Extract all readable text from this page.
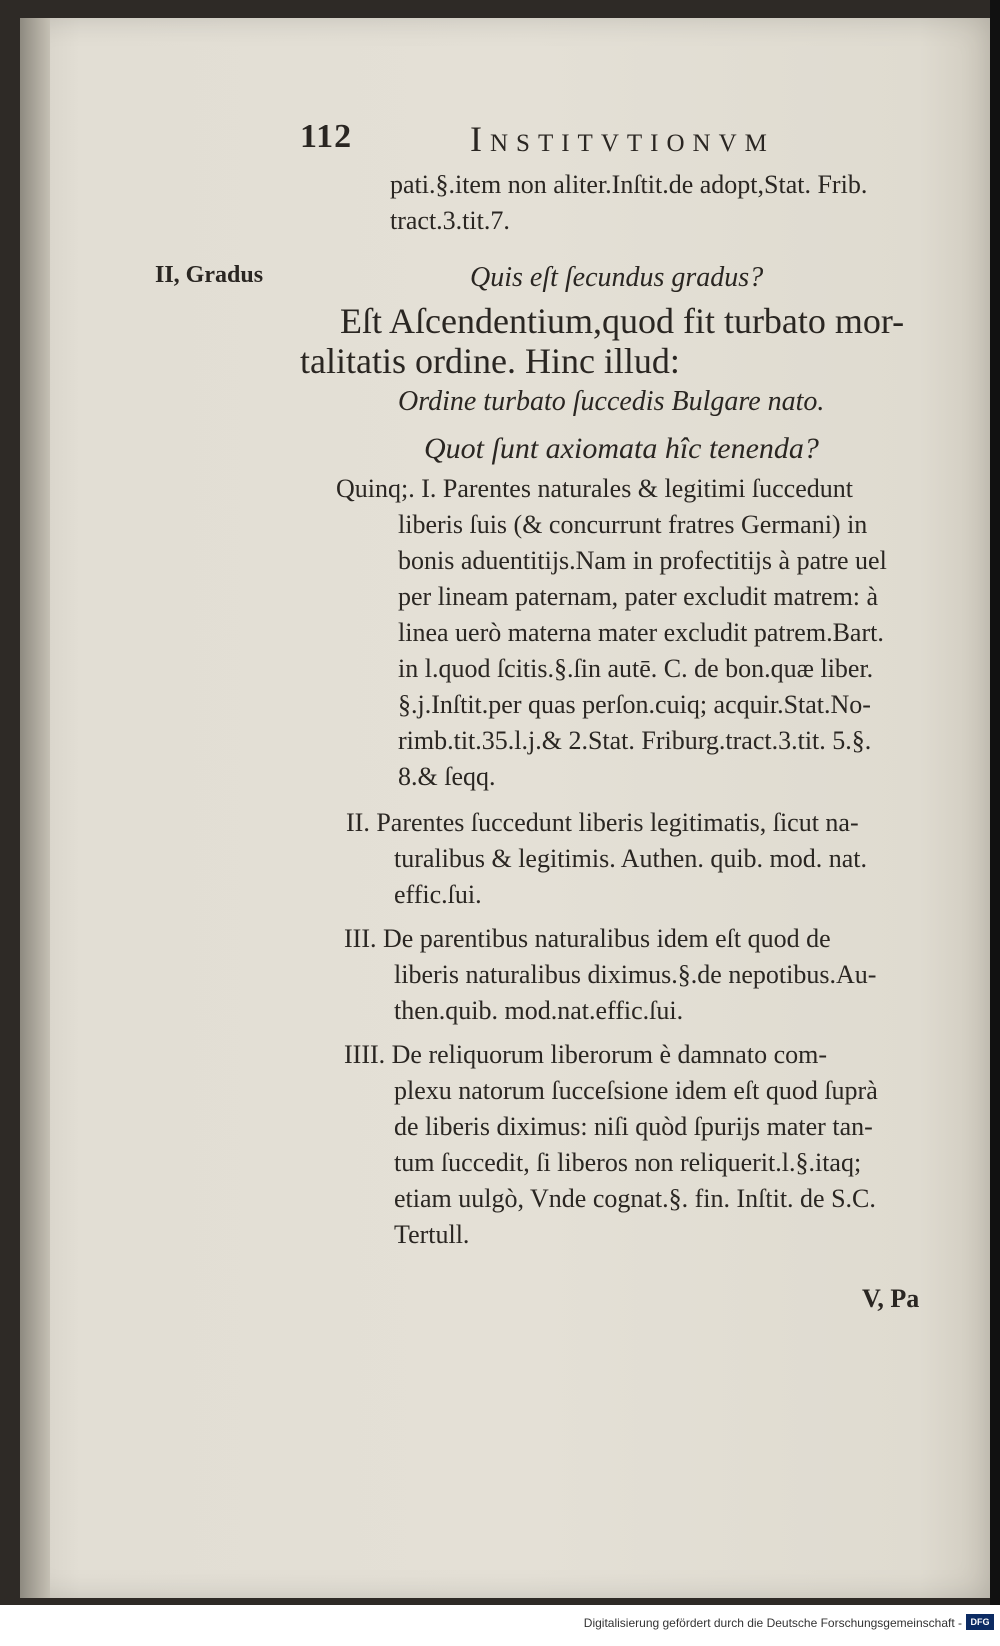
112	Institvtionvm
II, Gradus
pati.§.item non aliter.Inſtit.de adopt,Stat. Frib.
tract.3.tit.7.
Quis eſt ſecundus gradus?
Eſt Aſcendentium,quod fit turbato mor-
talitatis ordine. Hinc illud:
Ordine turbato ſuccedis Bulgare nato.
Quot ſunt axiomata hîc tenenda?
Quinq;. I. Parentes naturales & legitimi ſuccedunt
liberis ſuis (& concurrunt fratres Germani) in
bonis aduentitijs.Nam in profectitijs à patre uel
per lineam paternam, pater excludit matrem: à
linea uerò materna mater excludit patrem.Bart.
in l.quod ſcitis.§.ſin autē. C. de bon.quæ liber.
§.j.Inſtit.per quas perſon.cuiq; acquir.Stat.No-
rimb.tit.35.l.j.& 2.Stat. Friburg.tract.3.tit. 5.§.
8.& ſeqq.
II. Parentes ſuccedunt liberis legitimatis, ſicut na-
turalibus & legitimis. Authen. quib. mod. nat.
effic.ſui.
III. De parentibus naturalibus idem eſt quod de
liberis naturalibus diximus.§.de nepotibus.Au-
then.quib. mod.nat.effic.ſui.
IIII. De reliquorum liberorum è damnato com-
plexu natorum ſucceſsione idem eſt quod ſuprà
de liberis diximus: niſi quòd ſpurijs mater tan-
tum ſuccedit, ſi liberos non reliquerit.l.§.itaq;
etiam uulgò, Vnde cognat.§. fin. Inſtit. de S.C.
Tertull.
V, Pa
Digitalisierung gefördert durch die Deutsche Forschungsgemeinschaft - DFG
